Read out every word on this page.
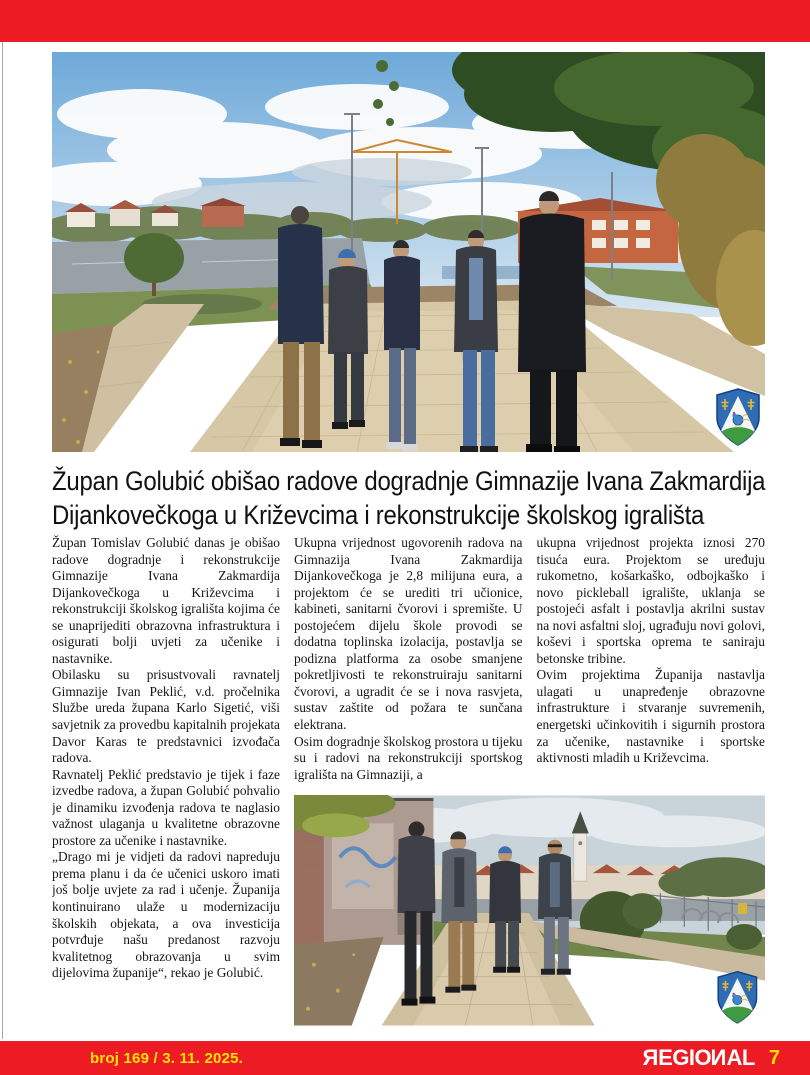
Župan Golubić obišao radove dogradnje Gimnazije Ivana Zakmardija
Dijankovečkoga u Križevcima i rekonstrukcije školskog igrališta

Župan Tomislav Golubić danas je obišao radove dogradnje i rekonstrukcije Gimnazije Ivana Zakmardija Dijankovečkoga u Križevcima i rekonstrukciji školskog igrališta kojima će se unaprijediti obrazovna infrastruktura i osigurati bolji uvjeti za učenike i nastavnike.

Obilasku su prisustvovali ravnatelj Gimnazije Ivan Peklić, v.d. pročelnika Službe ureda župana Karlo Sigetić, viši savjetnik za provedbu kapitalnih projekata Davor Karas te predstavnici izvođača radova.

Ravnatelj Peklić predstavio je tijek i faze izvedbe radova, a župan Golubić pohvalio je dinamiku izvođenja radova te naglasio važnost ulaganja u kvalitetne obrazovne prostore za učenike i nastavnike.

„Drago mi je vidjeti da radovi napreduju prema planu i da će učenici uskoro imati još bolje uvjete za rad i učenje. Županija kontinuirano ulaže u modernizaciju školskih objekata, a ova investicija potvrđuje našu predanost razvoju kvalitetnog obrazovanja u svim dijelovima županije“, rekao je Golubić.

Ukupna vrijednost ugovorenih radova na Gimnazija Ivana Zakmardija Dijankovečkoga je 2,8 milijuna eura, a projektom će se urediti tri učionice, kabineti, sanitarni čvorovi i spremište. U postojećem dijelu škole provodi se dodatna toplinska izolacija, postavlja se podizna platforma za osobe smanjene pokretljivosti te rekonstruiraju sanitarni čvorovi, a ugradit će se i nova rasvjeta, sustav zaštite od požara te sunčana elektrana.

Osim dogradnje školskog prostora u tijeku su i radovi na rekonstrukciji sportskog igrališta na Gimnaziji, a

ukupna vrijednost projekta iznosi 270 tisuća eura. Projektom se uređuju rukometno, košarkaško, odbojkaško i novo pickleball igralište, uklanja se postojeći asfalt i postavlja akrilni sustav na novi asfaltni sloj, ugrađuju novi golovi, koševi i sportska oprema te saniraju betonske tribine.

Ovim projektima Županija nastavlja ulagati u unapređenje obrazovne infrastrukture i stvaranje suvremenih, energetski učinkovitih i sigurnih prostora za učenike, nastavnike i sportske aktivnosti mladih u Križevcima.

broj 169 / 3. 11. 2025.	REGIONAL 7
